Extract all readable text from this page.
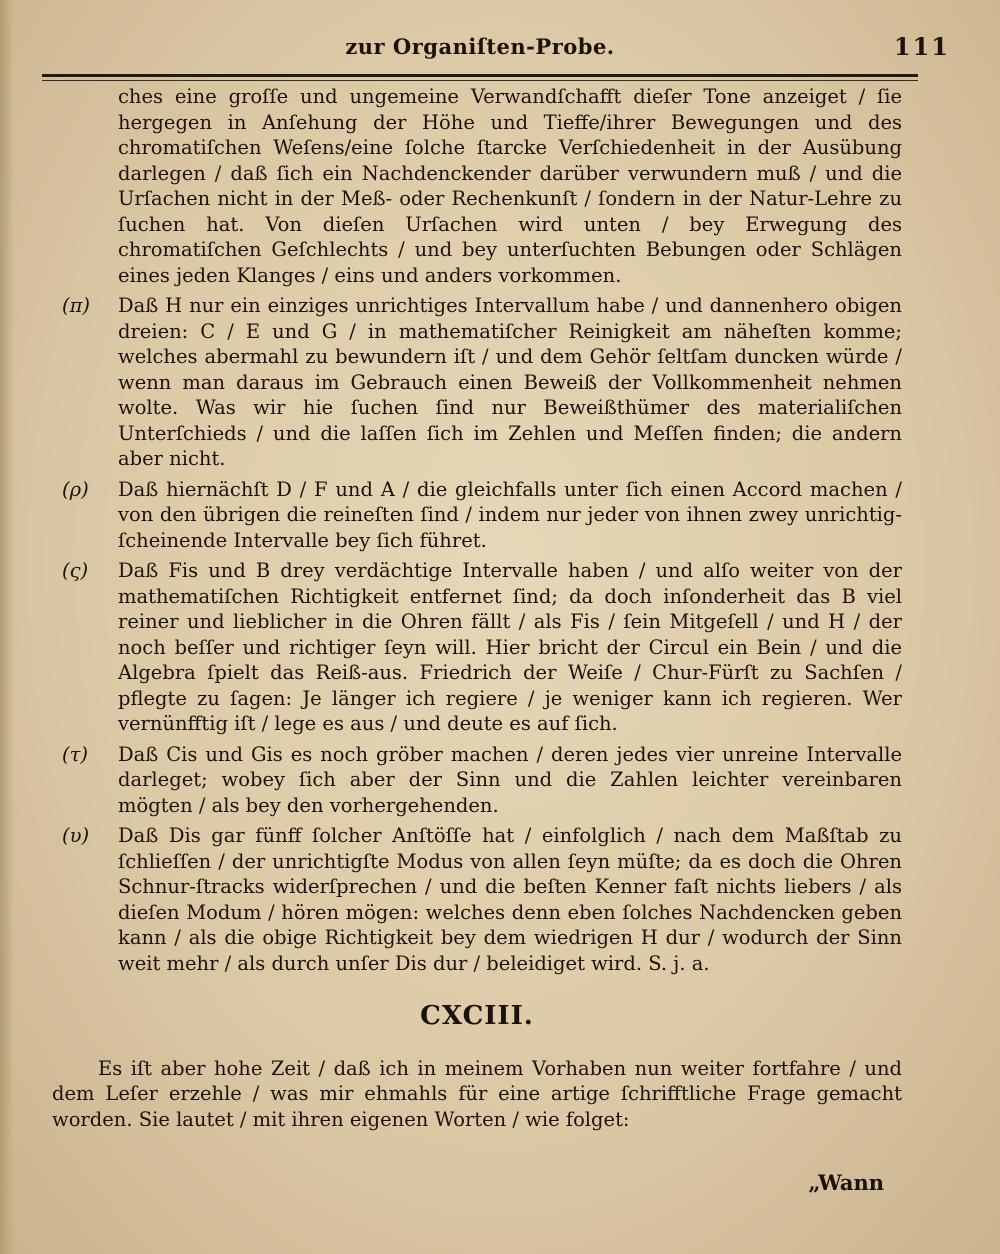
zur Organiſten-Probe.	111

ches eine groſſe und ungemeine Verwandſchafft dieſer Tone anzeiget / ſie hergegen in Anſehung der Höhe und Tieffe/ihrer Bewegungen und des chromatiſchen Weſens/eine ſolche ſtarcke Verſchiedenheit in der Ausübung darlegen / daß ſich ein Nachdenckender darüber verwundern muß / und die Urſachen nicht in der Meß- oder Rechenkunſt / ſondern in der Natur-Lehre zu ſuchen hat. Von dieſen Urſachen wird unten / bey Erwegung des chromatiſchen Geſchlechts / und bey unterſuchten Bebungen oder Schlägen eines jeden Klanges / eins und anders vorkommen.

(π) Daß H nur ein einziges unrichtiges Intervallum habe / und dannenhero obigen dreien: C / E und G / in mathematiſcher Reinigkeit am näheſten komme; welches abermahl zu bewundern iſt / und dem Gehör ſeltſam duncken würde / wenn man daraus im Gebrauch einen Beweiß der Vollkommenheit nehmen wolte. Was wir hie ſuchen ſind nur Beweißthümer des materialiſchen Unterſchieds / und die laſſen ſich im Zehlen und Meſſen finden; die andern aber nicht.

(ρ) Daß hiernächſt D / F und A / die gleichfalls unter ſich einen Accord machen / von den übrigen die reineſten ſind / indem nur jeder von ihnen zwey unrichtig-ſcheinende Intervalle bey ſich führet.

(ς) Daß Fis und B drey verdächtige Intervalle haben / und alſo weiter von der mathematiſchen Richtigkeit entfernet ſind; da doch inſonderheit das B viel reiner und lieblicher in die Ohren fällt / als Fis / ſein Mitgeſell / und H / der noch beſſer und richtiger ſeyn will. Hier bricht der Circul ein Bein / und die Algebra ſpielt das Reiß-aus. Friedrich der Weiſe / Chur-Fürſt zu Sachſen / pflegte zu ſagen: Je länger ich regiere / je weniger kann ich regieren. Wer vernünfftig iſt / lege es aus / und deute es auf ſich.

(τ) Daß Cis und Gis es noch gröber machen / deren jedes vier unreine Intervalle darleget; wobey ſich aber der Sinn und die Zahlen leichter vereinbaren mögten / als bey den vorhergehenden.

(υ) Daß Dis gar fünff ſolcher Anſtöſſe hat / einfolglich / nach dem Maßſtab zu ſchlieſſen / der unrichtigſte Modus von allen ſeyn müſte; da es doch die Ohren Schnur-ſtracks widerſprechen / und die beſten Kenner faſt nichts liebers / als dieſen Modum / hören mögen: welches denn eben ſolches Nachdencken geben kann / als die obige Richtigkeit bey dem wiedrigen H dur / wodurch der Sinn weit mehr / als durch unſer Dis dur / beleidiget wird. S. j. a.

CXCIII.

Es iſt aber hohe Zeit / daß ich in meinem Vorhaben nun weiter fortfahre / und dem Leſer erzehle / was mir ehmahls für eine artige ſchrifftliche Frage gemacht worden. Sie lautet / mit ihren eigenen Worten / wie folget:

„Wann
